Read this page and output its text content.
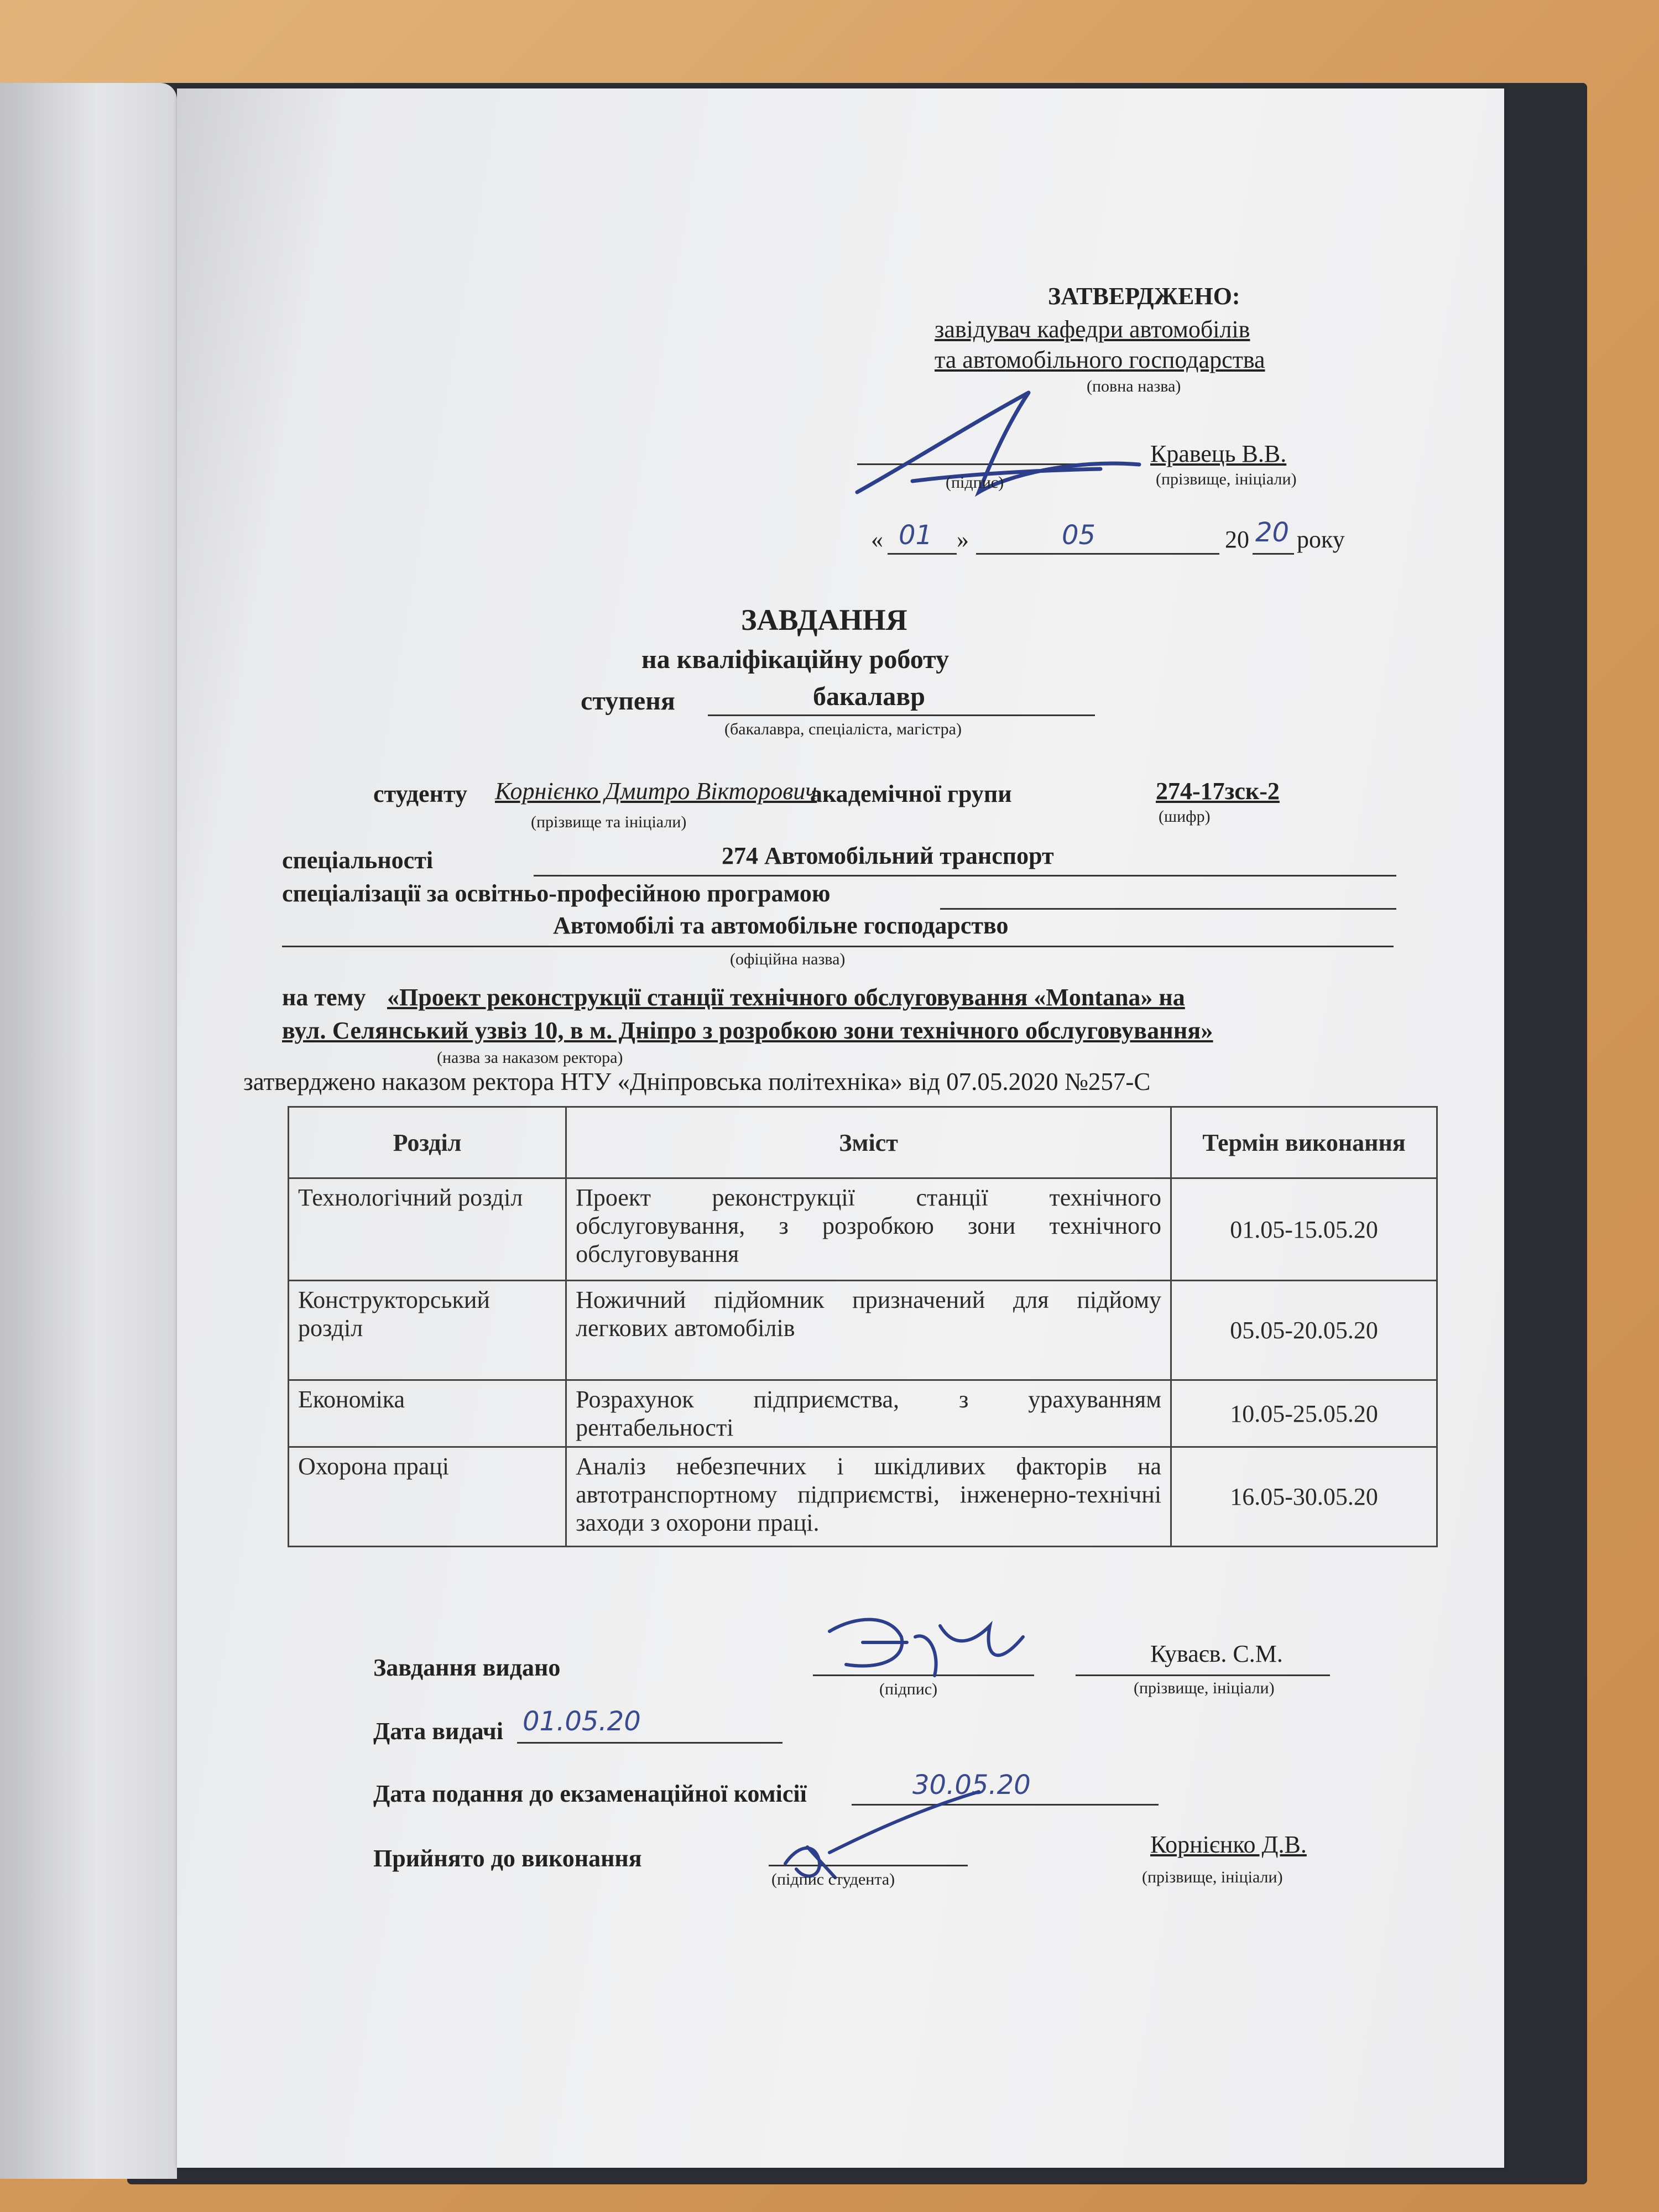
ЗАТВЕРДЖЕНО:
завідувач кафедри автомобілів
та автомобільного господарства
(повна назва)
(підпис)
Кравець В.В.
(прізвище, ініціали)
« 01 »	05	20 20 року
ЗАВДАННЯ
на кваліфікаційну роботу
ступеня	бакалавр
(бакалавра, спеціаліста, магістра)
студенту Корнієнко Дмитро Вікторович
академічної групи	274-17зск-2
(прізвище та ініціали)	(шифр)
спеціальності	274 Автомобільний транспорт
спеціалізації за освітньо-професійною програмою
Автомобілі та автомобільне господарство
(офіційна назва)
на тему «Проект реконструкції станції технічного обслуговування «Montana» на
вул. Селянський узвіз 10, в м. Дніпро з розробкою зони технічного обслуговування»
(назва за наказом ректора)
затверджено наказом ректора НТУ «Дніпровська політехніка» від 07.05.2020 №257-С
Завдання видано
(підпис)
Куваєв. С.М.
(прізвище, ініціали)
Дата видачі 01.05.20
Дата подання до екзаменаційної комісії	30.05.20
Прийнято до виконання
(підпис студента)
Корнієнко Д.В.
(прізвище, ініціали)
Розділ	Зміст	Термін виконання
Технологічний розділ	Проект реконструкції станції технічного обслуговування, з розробкою зони технічного обслуговування	01.05-15.05.20
Конструкторський розділ	Ножичний підйомник призначений для підйому легкових автомобілів	05.05-20.05.20
Економіка	Розрахунок підприємства, з урахуванням рентабельності	10.05-25.05.20
Охорона праці	Аналіз небезпечних і шкідливих факторів на автотранспортному підприємстві, інженерно-технічні заходи з охорони праці.	16.05-30.05.20
